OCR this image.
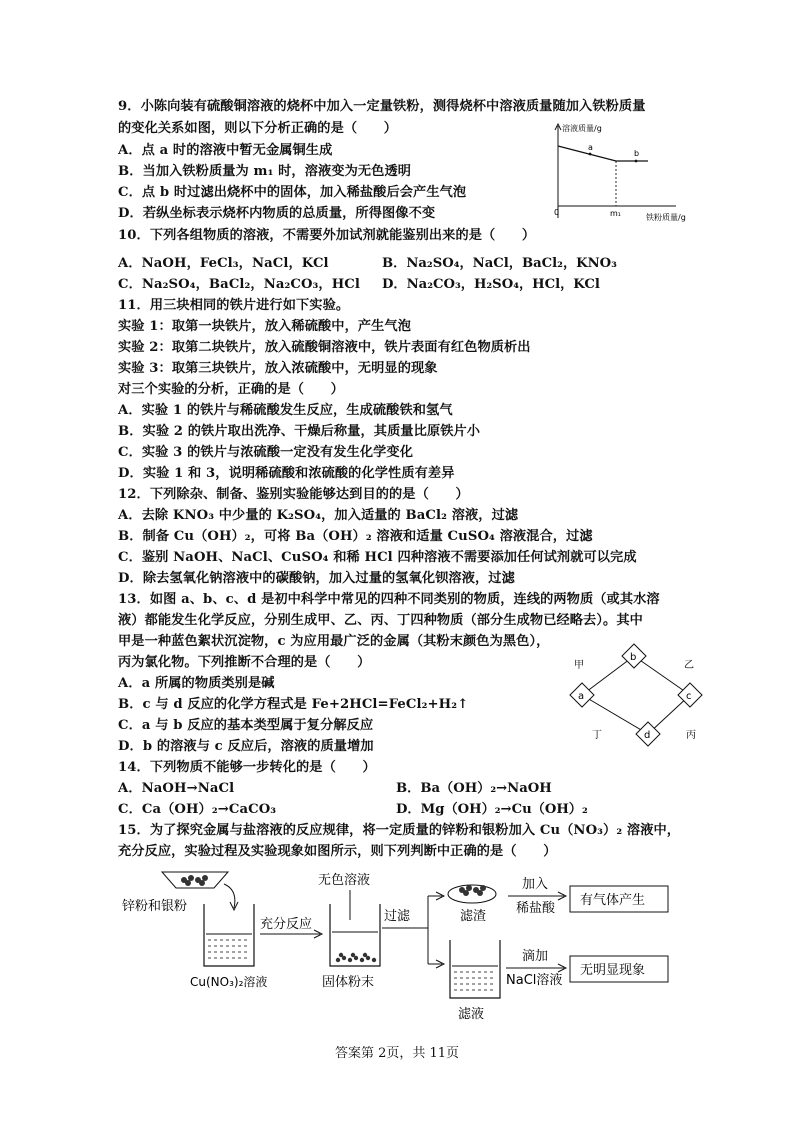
9．小陈向装有硫酸铜溶液的烧杯中加入一定量铁粉，测得烧杯中溶液质量随加入铁粉质量
的变化关系如图，则以下分析正确的是（　　）
A．点 a 时的溶液中暂无金属铜生成
B．当加入铁粉质量为 m₁ 时，溶液变为无色透明
C．点 b 时过滤出烧杯中的固体，加入稀盐酸后会产生气泡
D．若纵坐标表示烧杯内物质的总质量，所得图像不变
溶液质量/g
a
b
0	m₁	铁粉质量/g
10．下列各组物质的溶液，不需要外加试剂就能鉴别出来的是（　　）
A．NaOH，FeCl₃，NaCl，KCl	B．Na₂SO₄，NaCl，BaCl₂，KNO₃
C．Na₂SO₄，BaCl₂，Na₂CO₃，HCl D．Na₂CO₃，H₂SO₄，HCl，KCl
11．用三块相同的铁片进行如下实验。
实验 1：取第一块铁片，放入稀硫酸中，产生气泡
实验 2：取第二块铁片，放入硫酸铜溶液中，铁片表面有红色物质析出
实验 3：取第三块铁片，放入浓硫酸中，无明显的现象
对三个实验的分析，正确的是（　　）
A．实验 1 的铁片与稀硫酸发生反应，生成硫酸铁和氢气
B．实验 2 的铁片取出洗净、干燥后称量，其质量比原铁片小
C．实验 3 的铁片与浓硫酸一定没有发生化学变化
D．实验 1 和 3，说明稀硫酸和浓硫酸的化学性质有差异
12．下列除杂、制备、鉴别实验能够达到目的的是（　　）
A．去除 KNO₃ 中少量的 K₂SO₄，加入适量的 BaCl₂ 溶液，过滤
B．制备 Cu（OH）₂，可将 Ba（OH）₂ 溶液和适量 CuSO₄ 溶液混合，过滤
C．鉴别 NaOH、NaCl、CuSO₄ 和稀 HCl 四种溶液不需要添加任何试剂就可以完成
D．除去氢氧化钠溶液中的碳酸钠，加入过量的氢氧化钡溶液，过滤
13．如图 a、b、c、d 是初中科学中常见的四种不同类别的物质，连线的两物质（或其水溶
液）都能发生化学反应，分别生成甲、乙、丙、丁四种物质（部分生成物已经略去）。其中
甲是一种蓝色絮状沉淀物，c 为应用最广泛的金属（其粉末颜色为黑色），
丙为氯化物。下列推断不合理的是（　　）
A．a 所属的物质类别是碱
B．c 与 d 反应的化学方程式是 Fe+2HCl=FeCl₂+H₂↑
C．a 与 b 反应的基本类型属于复分解反应
D．b 的溶液与 c 反应后，溶液的质量增加
b
a	c
d
甲	乙
丁	丙
14．下列物质不能够一步转化的是（　　）
A．NaOH→NaCl	B．Ba（OH）₂→NaOH
C．Ca（OH）₂→CaCO₃	D．Mg（OH）₂→Cu（OH）₂
15．为了探究金属与盐溶液的反应规律，将一定质量的锌粉和银粉加入 Cu（NO₃）₂ 溶液中，
充分反应，实验过程及实验现象如图所示，则下列判断中正确的是（　　）
锌粉和银粉
Cu(NO₃)₂溶液
充分反应
无色溶液
固体粉末
过滤	滤渣
加入
稀盐酸
有气体产生
滤液
滴加
NaCl溶液
无明显现象
答案第 2页，共 11页
